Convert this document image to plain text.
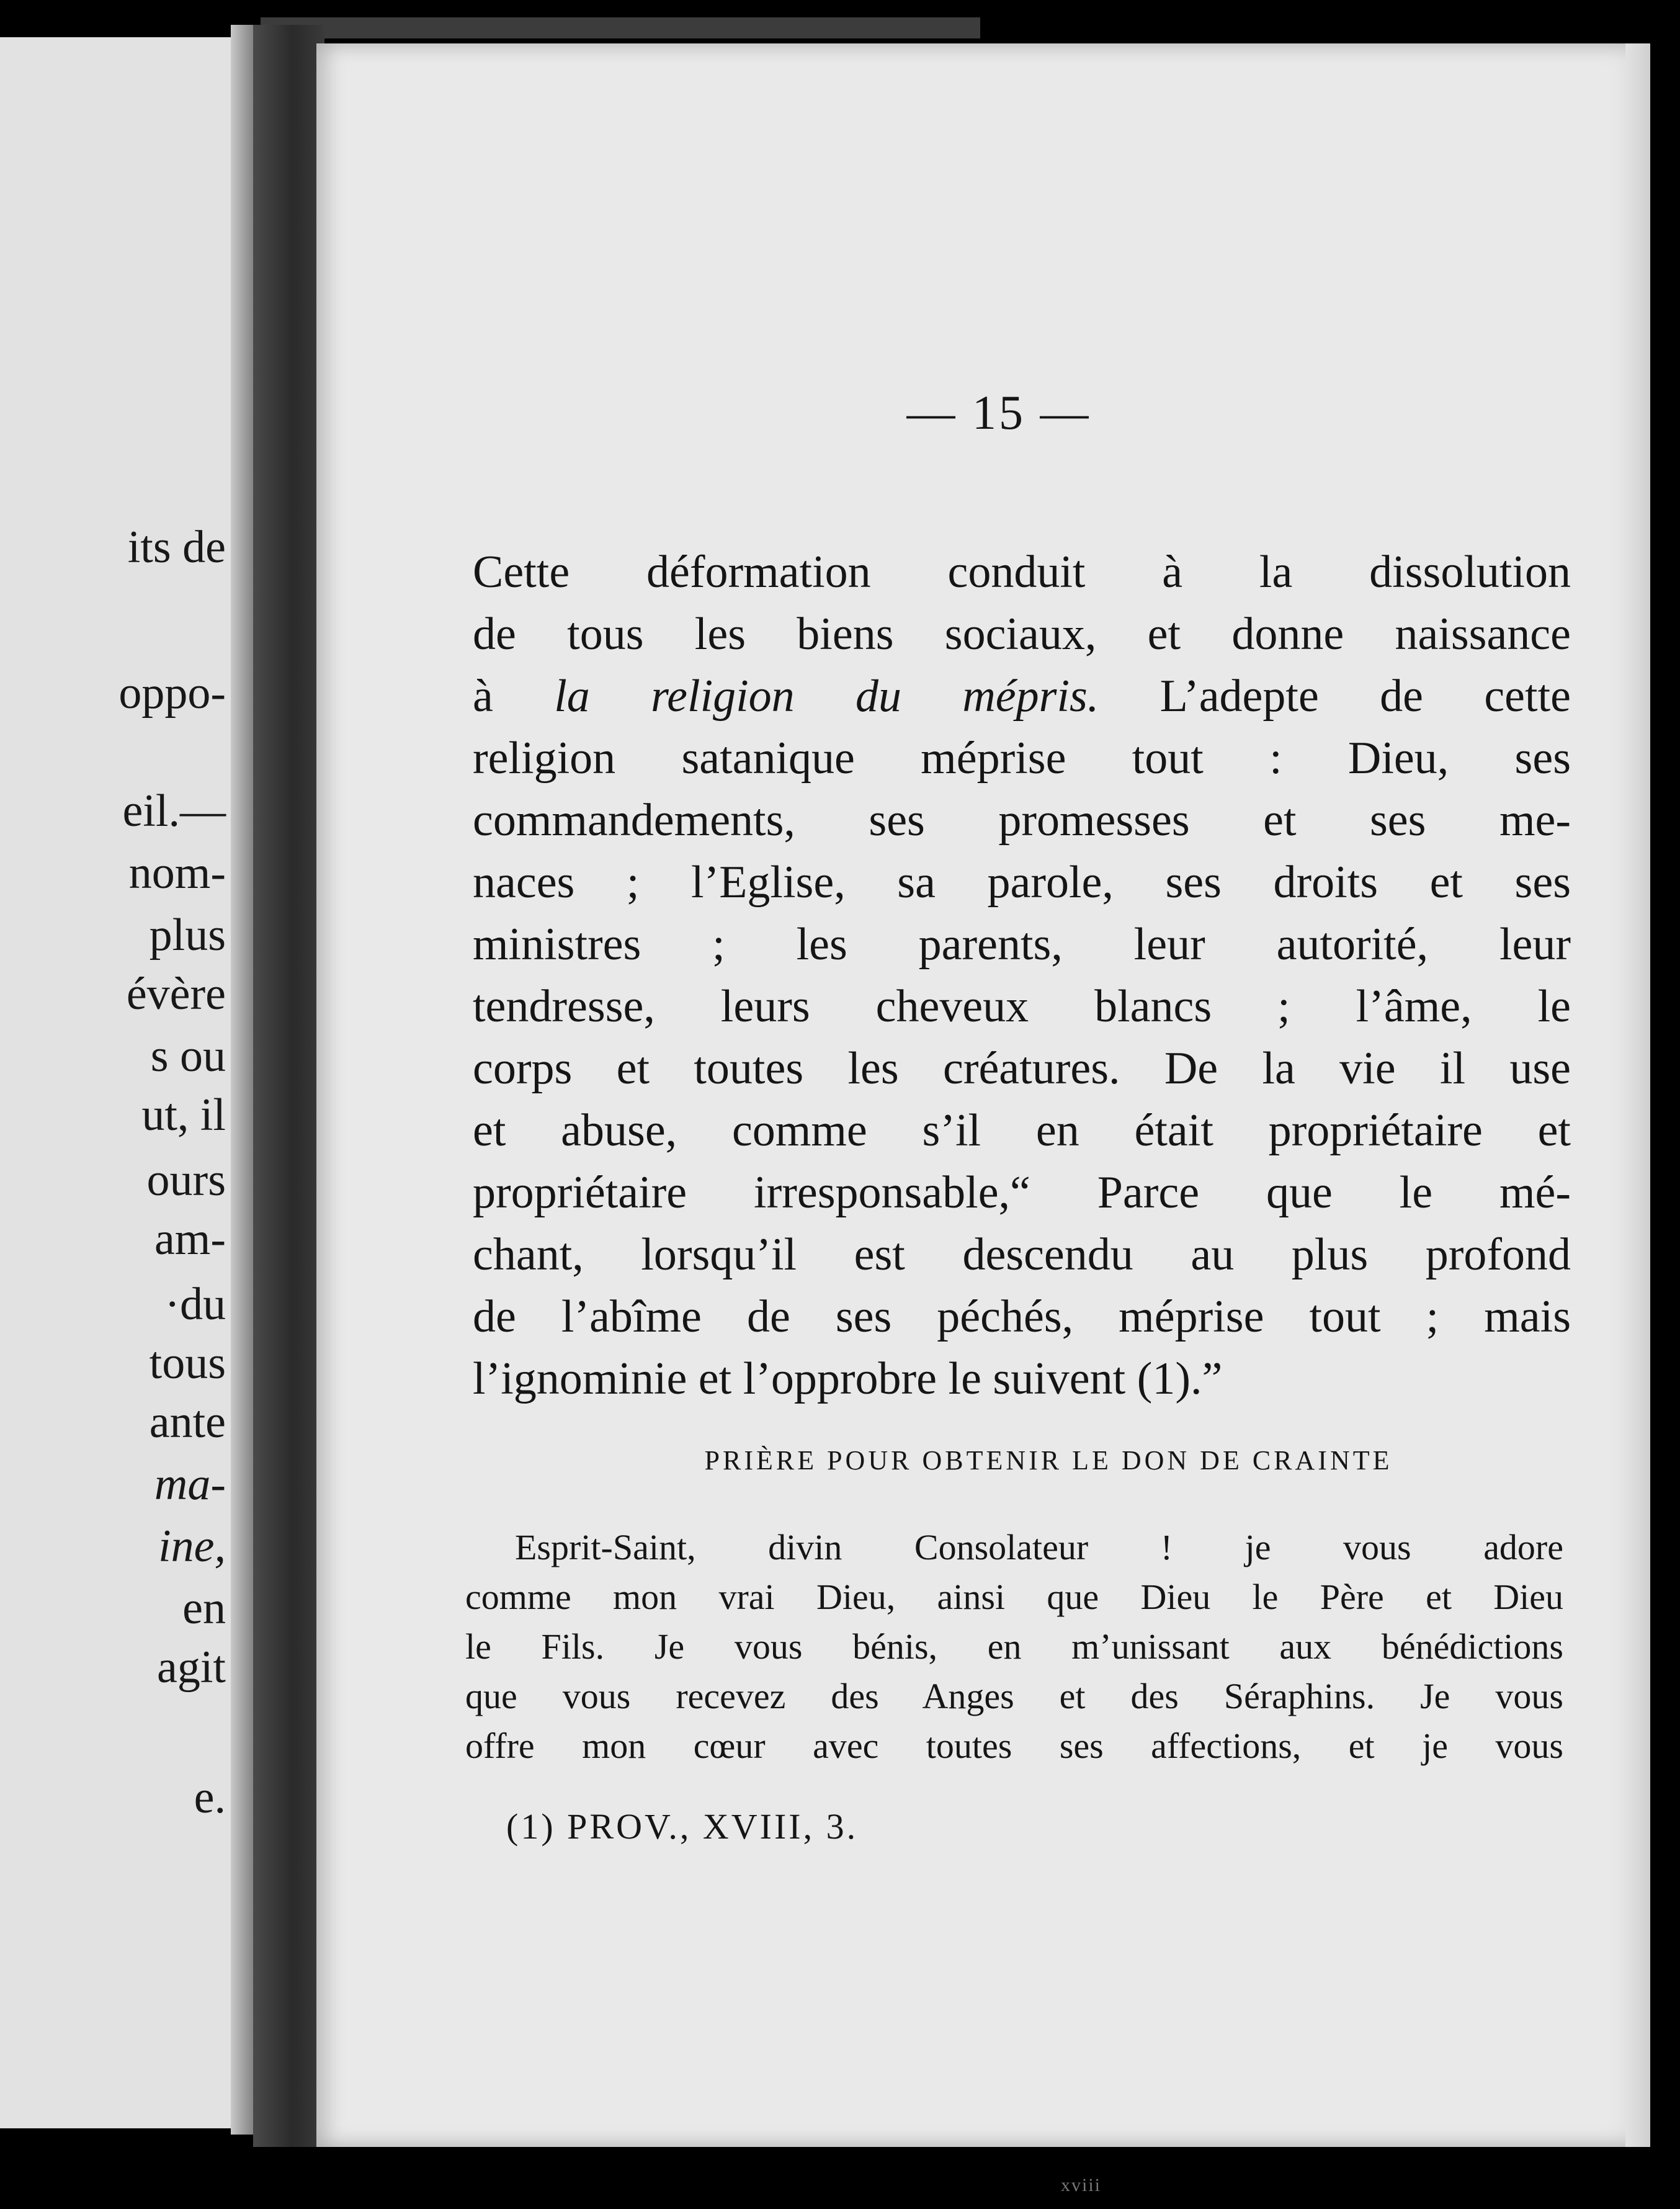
its de
oppo-
eil.—
nom-
plus
évère
s ou
ut, il
ours
am-
·du
tous
ante
ma-
ine,
en
agit
e.
— 15 —
Cette déformation conduit à la dissolution
de tous les biens sociaux, et donne naissance
à la religion du mépris. L’adepte de cette
religion satanique méprise tout : Dieu, ses
commandements, ses promesses et ses me-
naces ; l’Eglise, sa parole, ses droits et ses
ministres ; les parents, leur autorité, leur
tendresse, leurs cheveux blancs ; l’âme, le
corps et toutes les créatures. De la vie il use
et abuse, comme s’il en était propriétaire et
propriétaire irresponsable,“ Parce que le mé-
chant, lorsqu’il est descendu au plus profond
de l’abîme de ses péchés, méprise tout ; mais
l’ignominie et l’opprobre le suivent (1).”
PRIÈRE POUR OBTENIR LE DON DE CRAINTE
Esprit-Saint, divin Consolateur ! je vous adore
comme mon vrai Dieu, ainsi que Dieu le Père et Dieu
le Fils. Je vous bénis, en m’unissant aux bénédictions
que vous recevez des Anges et des Séraphins. Je vous
offre mon cœur avec toutes ses affections, et je vous
(1) PROV., XVIII, 3.
xviii
